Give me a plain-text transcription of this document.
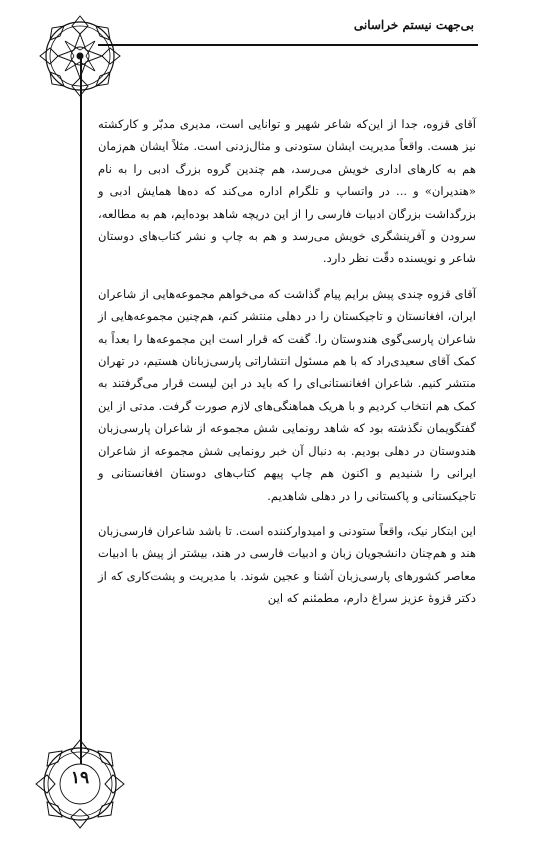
بی‌جهت نیستم خراسانی

آقای قزوه، جدا از این‌که شاعر شهیر و توانایی است، مدیری مدبّر و کارکشته نیز هست. واقعاً مدیریت ایشان ستودنی و مثال‌زدنی است. مثلاً ایشان هم‌زمان هم به کارهای اداری خویش می‌رسد، هم چندین گروه بزرگ ادبی را به نام «هندیران» و ... در واتساپ و تلگرام اداره می‌کند که ده‌ها همایش ادبی و بزرگداشت بزرگان ادبیات فارسی را از این دریچه شاهد بوده‌ایم، هم به مطالعه، سرودن و آفرینشگری خویش می‌رسد و هم به چاپ و نشر کتاب‌های دوستان شاعر و نویسنده دقّت نظر دارد.

آقای قزوه چندی پیش برایم پیام گذاشت که می‌خواهم مجموعه‌هایی از شاعران ایران، افغانستان و تاجیکستان را در دهلی منتشر کنم، هم‌چنین مجموعه‌هایی از شاعران پارسی‌گوی هندوستان را. گفت که قرار است این مجموعه‌ها را بعداً به کمک آقای سعیدی‌راد که با هم مسئول انتشاراتی پارسی‌زبانان هستیم، در تهران منتشر کنیم. شاعران افغانستانی‌ای را که باید در این لیست قرار می‌گرفتند به کمک هم انتخاب کردیم و با هریک هماهنگی‌های لازم صورت گرفت. مدتی از این گفتگویمان نگذشته بود که شاهد رونمایی شش مجموعه از شاعران پارسی‌زبان هندوستان در دهلی بودیم. به دنبال آن خبر رونمایی شش مجموعه از شاعران ایرانی را شنیدیم و اکنون هم چاپ پیهم کتاب‌های دوستان افغانستانی و تاجیکستانی و پاکستانی را در دهلی شاهدیم.

این ابتکار نیک، واقعاً ستودنی و امیدوارکننده است. تا باشد شاعران فارسی‌زبان هند و هم‌چنان دانشجویان زبان و ادبیات فارسی در هند، بیشتر از پیش با ادبیات معاصر کشورهای پارسی‌زبان آشنا و عجین شوند. با مدیریت و پشت‌کاری که از دکتر قزوهٔ عزیز سراغ دارم، مطمئنم که این

۱۹
